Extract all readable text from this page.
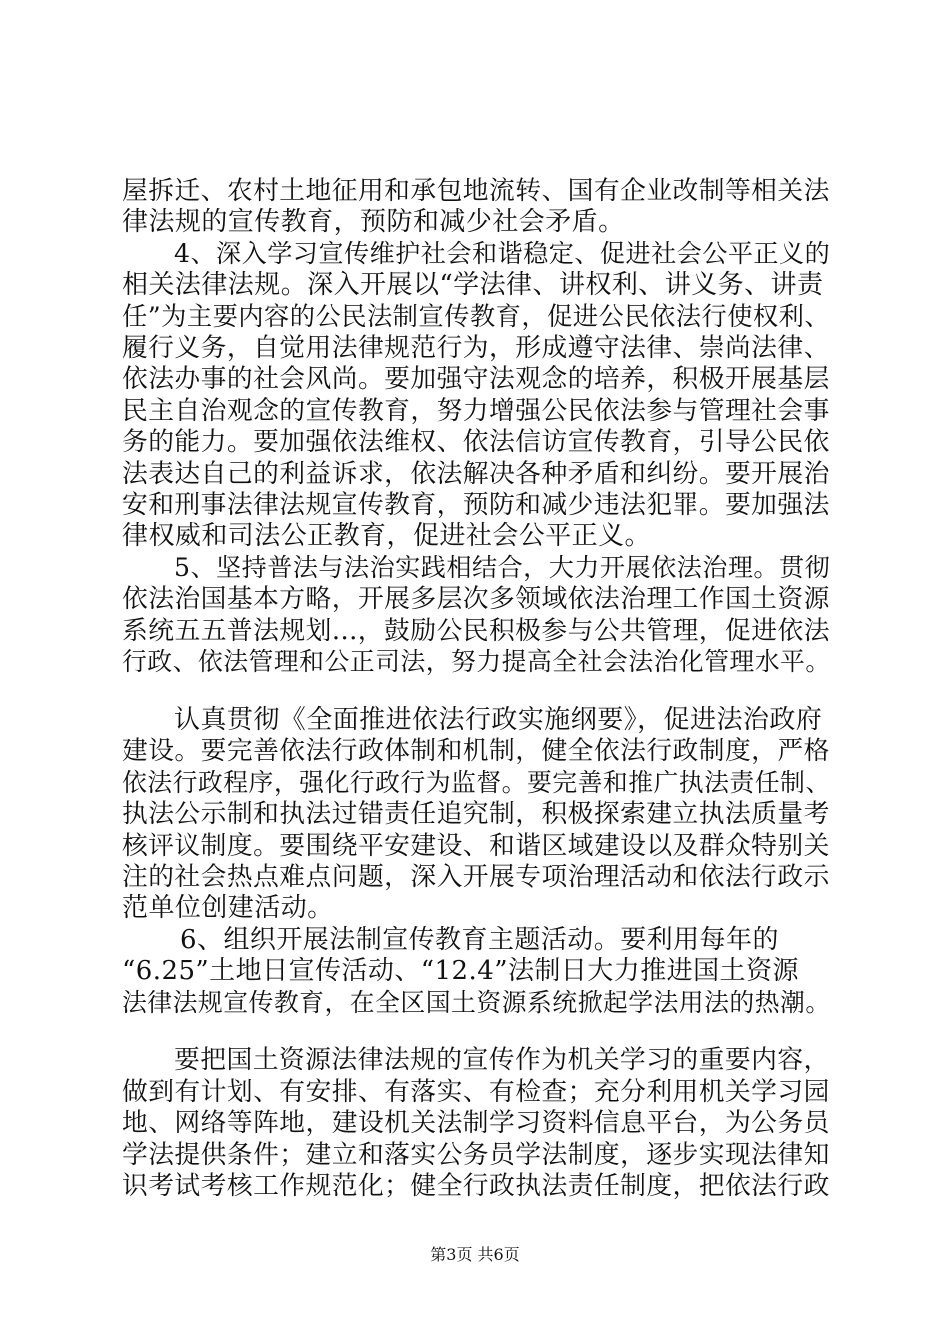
屋拆迁、农村土地征用和承包地流转、国有企业改制等相关法
律法规的宣传教育，预防和减少社会矛盾。
4、深入学习宣传维护社会和谐稳定、促进社会公平正义的
相关法律法规。深入开展以“学法律、讲权利、讲义务、讲责
任”为主要内容的公民法制宣传教育，促进公民依法行使权利、
履行义务，自觉用法律规范行为，形成遵守法律、崇尚法律、
依法办事的社会风尚。要加强守法观念的培养，积极开展基层
民主自治观念的宣传教育，努力增强公民依法参与管理社会事
务的能力。要加强依法维权、依法信访宣传教育，引导公民依
法表达自己的利益诉求，依法解决各种矛盾和纠纷。要开展治
安和刑事法律法规宣传教育，预防和减少违法犯罪。要加强法
律权威和司法公正教育，促进社会公平正义。
5、坚持普法与法治实践相结合，大力开展依法治理。贯彻
依法治国基本方略，开展多层次多领域依法治理工作国土资源
系统五五普法规划...，鼓励公民积极参与公共管理，促进依法
行政、依法管理和公正司法，努力提高全社会法治化管理水平。
认真贯彻《全面推进依法行政实施纲要》，促进法治政府
建设。要完善依法行政体制和机制，健全依法行政制度，严格
依法行政程序，强化行政行为监督。要完善和推广执法责任制、
执法公示制和执法过错责任追究制，积极探索建立执法质量考
核评议制度。要围绕平安建设、和谐区域建设以及群众特别关
注的社会热点难点问题，深入开展专项治理活动和依法行政示
范单位创建活动。
6、组织开展法制宣传教育主题活动。要利用每年的
“6.25”土地日宣传活动、“12.4”法制日大力推进国土资源
法律法规宣传教育，在全区国土资源系统掀起学法用法的热潮。
要把国土资源法律法规的宣传作为机关学习的重要内容，
做到有计划、有安排、有落实、有检查；充分利用机关学习园
地、网络等阵地，建设机关法制学习资料信息平台，为公务员
学法提供条件；建立和落实公务员学法制度，逐步实现法律知
识考试考核工作规范化；健全行政执法责任制度，把依法行政
第3页 共6页
